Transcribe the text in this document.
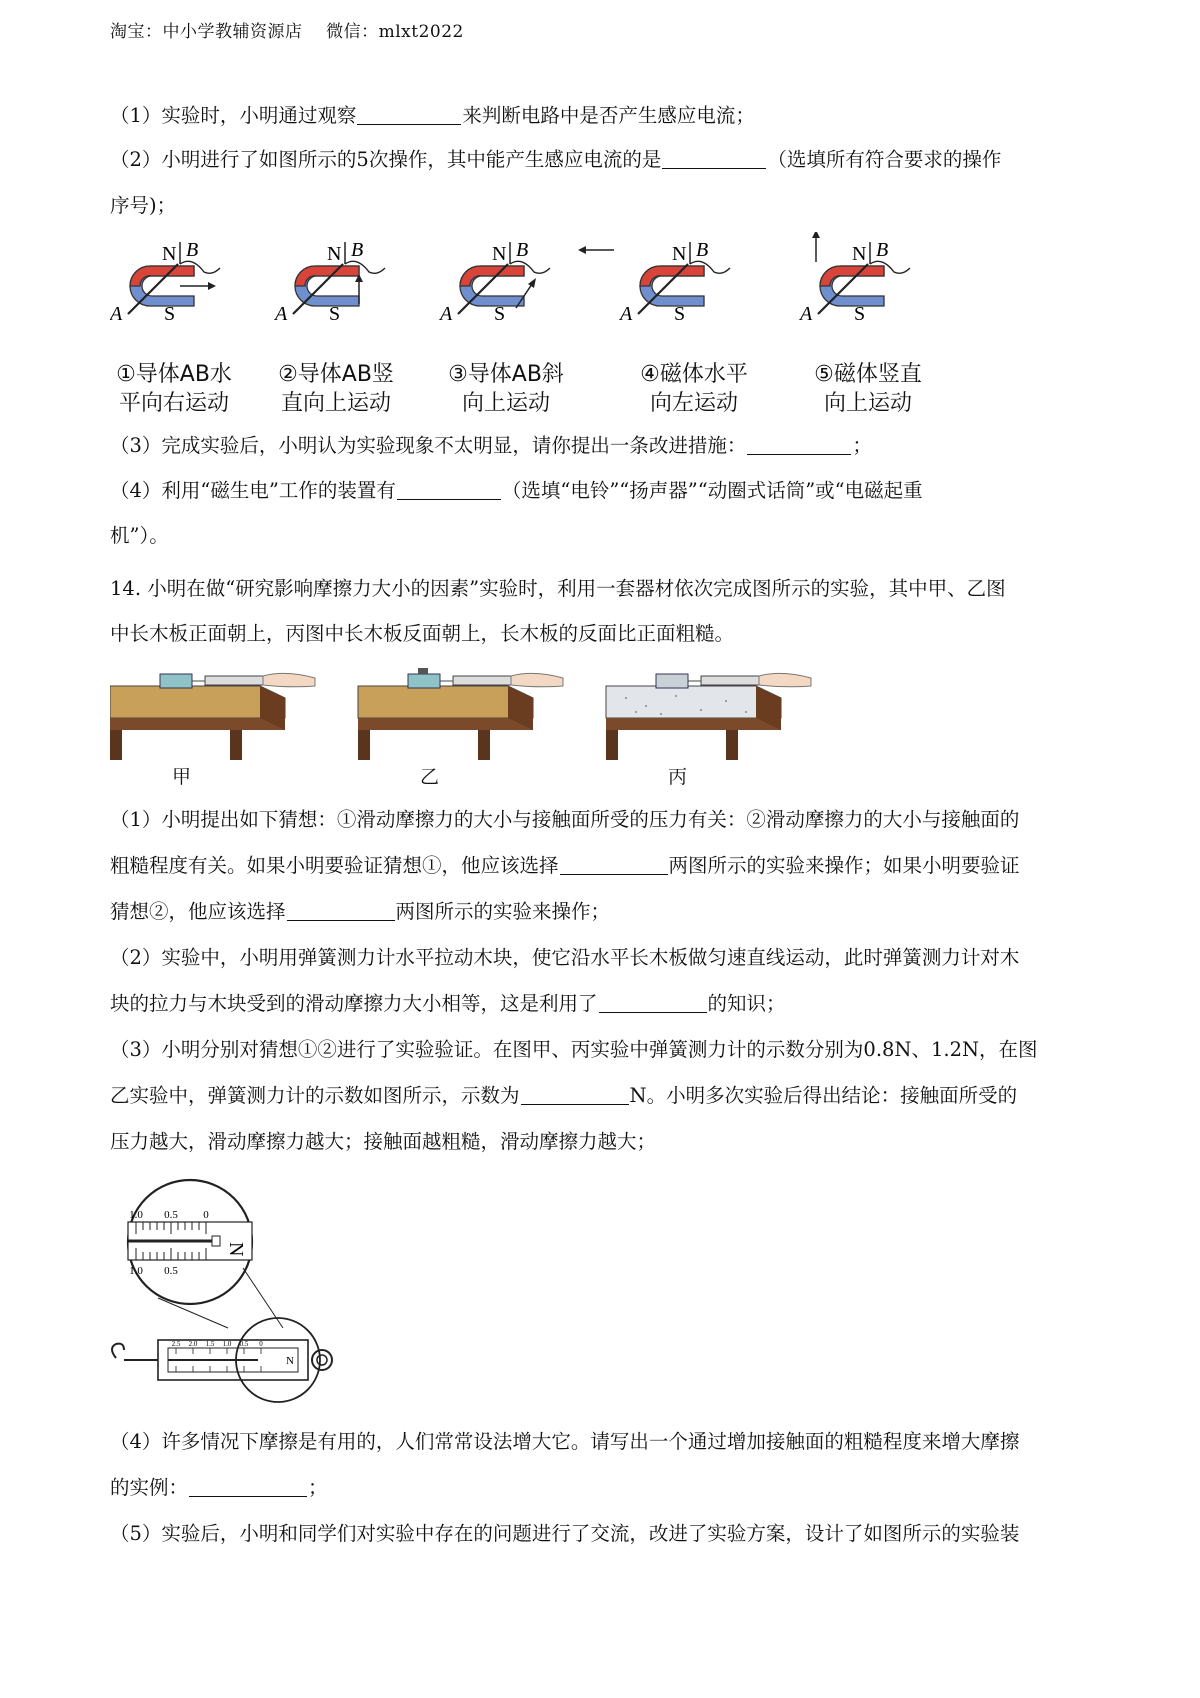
淘宝：中小学教辅资源店    微信：mlxt2022
（1）实验时，小明通过观察	来判断电路中是否产生感应电流；
（2）小明进行了如图所示的5次操作，其中能产生感应电流的是	（选填所有符合要求的操作
序号)；
N B
A S
N B
A S
N B
A S
N B
A S
N B
A S
①导体AB水
平向右运动
②导体AB竖
直向上运动
③导体AB斜
向上运动
④磁体水平
向左运动
⑤磁体竖直
向上运动
（3）完成实验后，小明认为实验现象不太明显，请你提出一条改进措施：	；
（4）利用“磁生电”工作的装置有	（选填“电铃”“扬声器”“动圈式话筒”或“电磁起重
机”）。
14. 小明在做“研究影响摩擦力大小的因素”实验时，利用一套器材依次完成图所示的实验，其中甲、乙图
中长木板正面朝上，丙图中长木板反面朝上，长木板的反面比正面粗糙。
甲	乙	丙
（1）小明提出如下猜想：①滑动摩擦力的大小与接触面所受的压力有关：②滑动摩擦力的大小与接触面的
粗糙程度有关。如果小明要验证猜想①，他应该选择	两图所示的实验来操作；如果小明要验证
猜想②，他应该选择	两图所示的实验来操作；
（2）实验中，小明用弹簧测力计水平拉动木块，使它沿水平长木板做匀速直线运动，此时弹簧测力计对木
块的拉力与木块受到的滑动摩擦力大小相等，这是利用了	的知识；
（3）小明分别对猜想①②进行了实验验证。在图甲、丙实验中弹簧测力计的示数分别为0.8N、1.2N，在图
乙实验中，弹簧测力计的示数如图所示，示数为	N。小明多次实验后得出结论：接触面所受的
压力越大，滑动摩擦力越大；接触面越粗糙，滑动摩擦力越大；
N
1.0 0.5 0
1.0 0.5
2.5 2.0 1.5 1.0 0.5 0
N
（4）许多情况下摩擦是有用的，人们常常设法增大它。请写出一个通过增加接触面的粗糙程度来增大摩擦
的实例：	；
（5）实验后，小明和同学们对实验中存在的问题进行了交流，改进了实验方案，设计了如图所示的实验装
